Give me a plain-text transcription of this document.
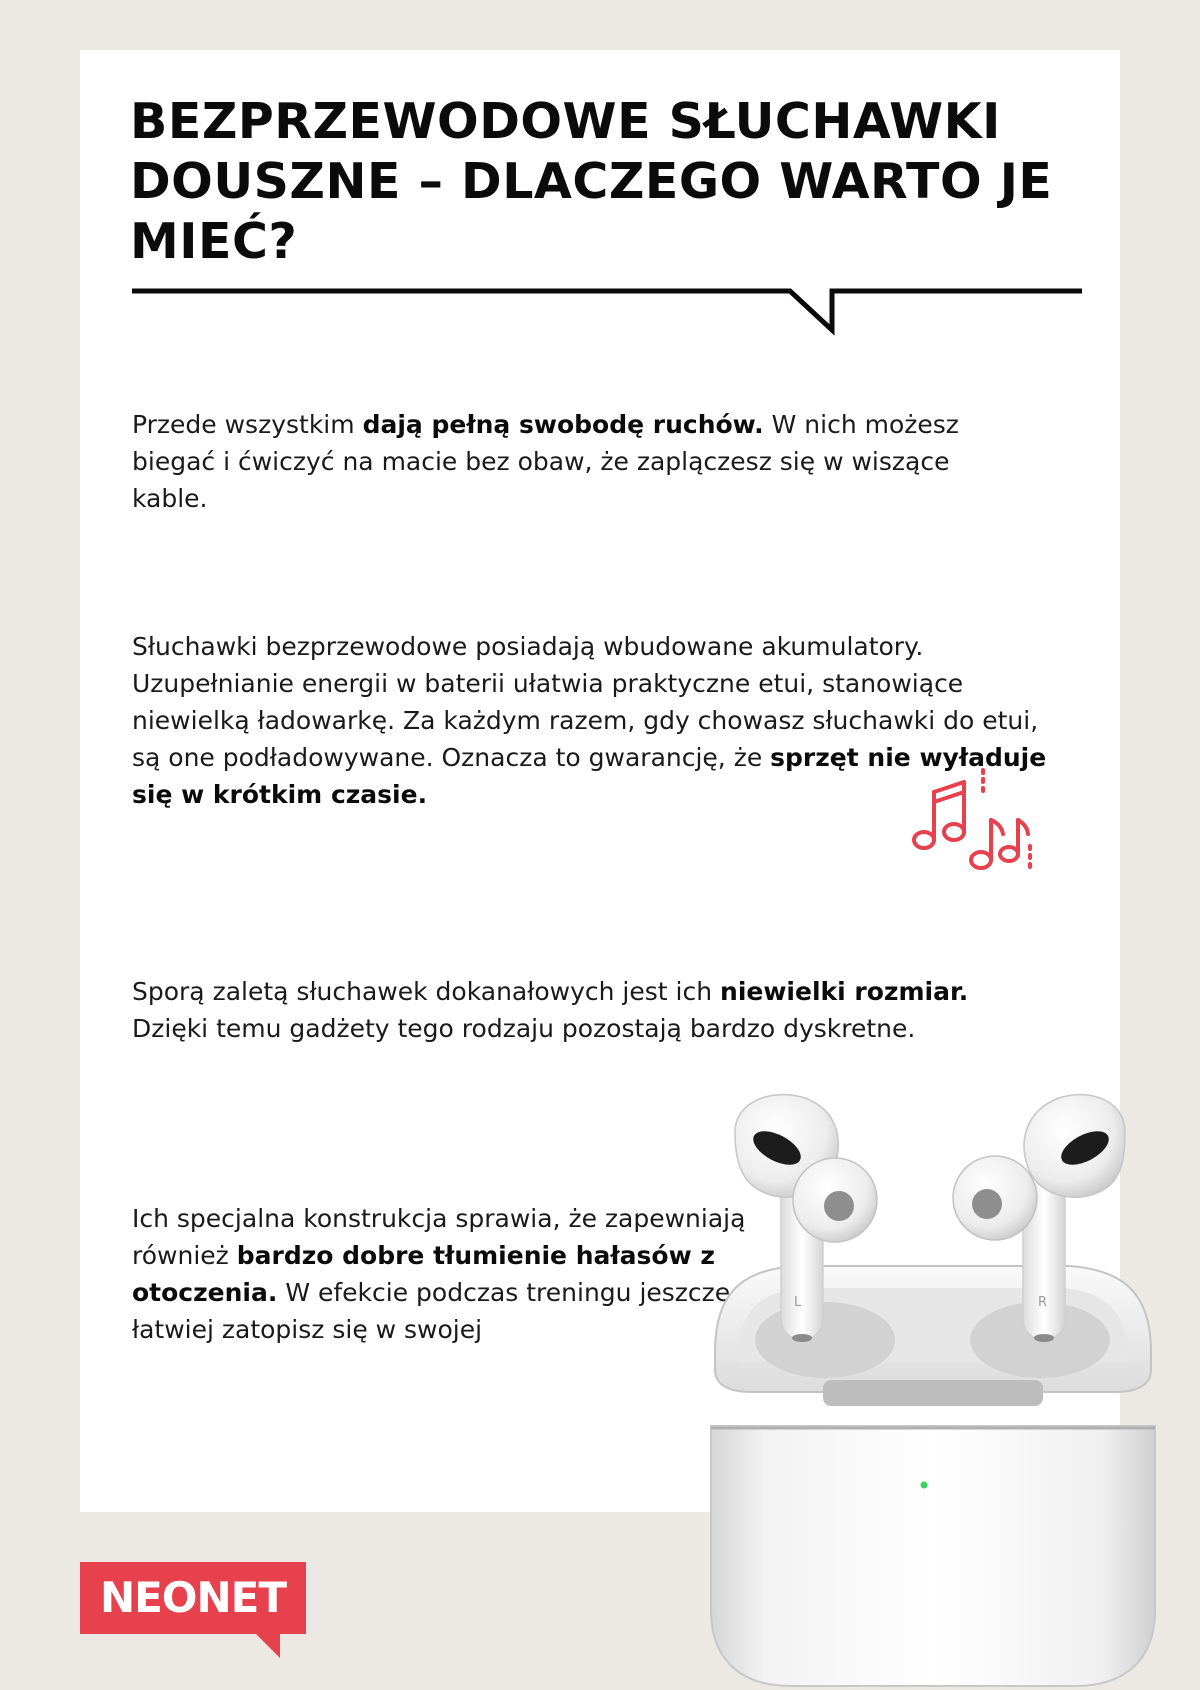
BEZPRZEWODOWE SŁUCHAWKI DOUSZNE – DLACZEGO WARTO JE MIEĆ?

Przede wszystkim dają pełną swobodę ruchów. W nich możesz biegać i ćwiczyć na macie bez obaw, że zaplączesz się w wiszące kable.

Słuchawki bezprzewodowe posiadają wbudowane akumulatory. Uzupełnianie energii w baterii ułatwia praktyczne etui, stanowiące niewielką ładowarkę. Za każdym razem, gdy chowasz słuchawki do etui, są one podładowywane. Oznacza to gwarancję, że sprzęt nie wyładuje się w krótkim czasie.

Sporą zaletą słuchawek dokanałowych jest ich niewielki rozmiar. Dzięki temu gadżety tego rodzaju pozostają bardzo dyskretne.

Ich specjalna konstrukcja sprawia, że zapewniają również bardzo dobre tłumienie hałasów z otoczenia. W efekcie podczas treningu jeszcze łatwiej zatopisz się w swojej

L	R
NEONET
